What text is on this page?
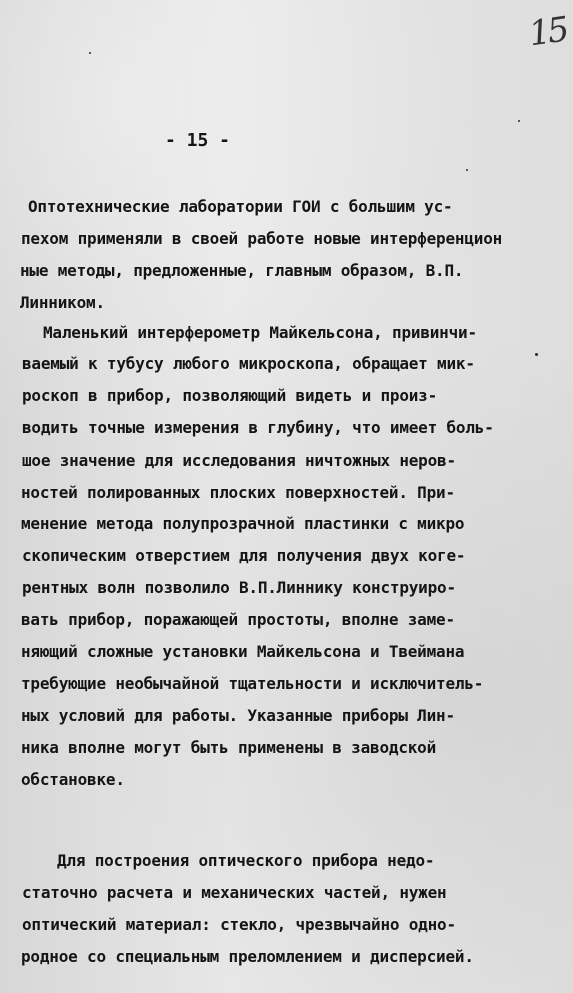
15
- 15 -
Оптотехнические лаборатории ГОИ с большим ус-
пехом применяли в своей работе новые интерференцион
ные методы, предложенные, главным образом, В.П.
Линником.
Маленький интерферометр Майкельсона, привинчи-
ваемый к тубусу любого микроскопа, обращает мик-
роскоп в прибор, позволяющий видеть и произ-
водить точные измерения в глубину, что имеет боль-
шое значение для исследования ничтожных неров-
ностей полированных плоских поверхностей. При-
менение метода полупрозрачной пластинки с микро
скопическим отверстием для получения двух коге-
рентных волн позволило В.П.Линнику конструиро-
вать прибор, поражающей простоты, вполне заме-
няющий сложные установки Майкельсона и Твеймана
требующие необычайной тщательности и исключитель-
ных условий для работы. Указанные приборы Лин-
ника вполне могут быть применены в заводской
обстановке.
Для построения оптического прибора недо-
статочно расчета и механических частей, нужен
оптический материал: стекло, чрезвычайно одно-
родное со специальным преломлением и дисперсией.
